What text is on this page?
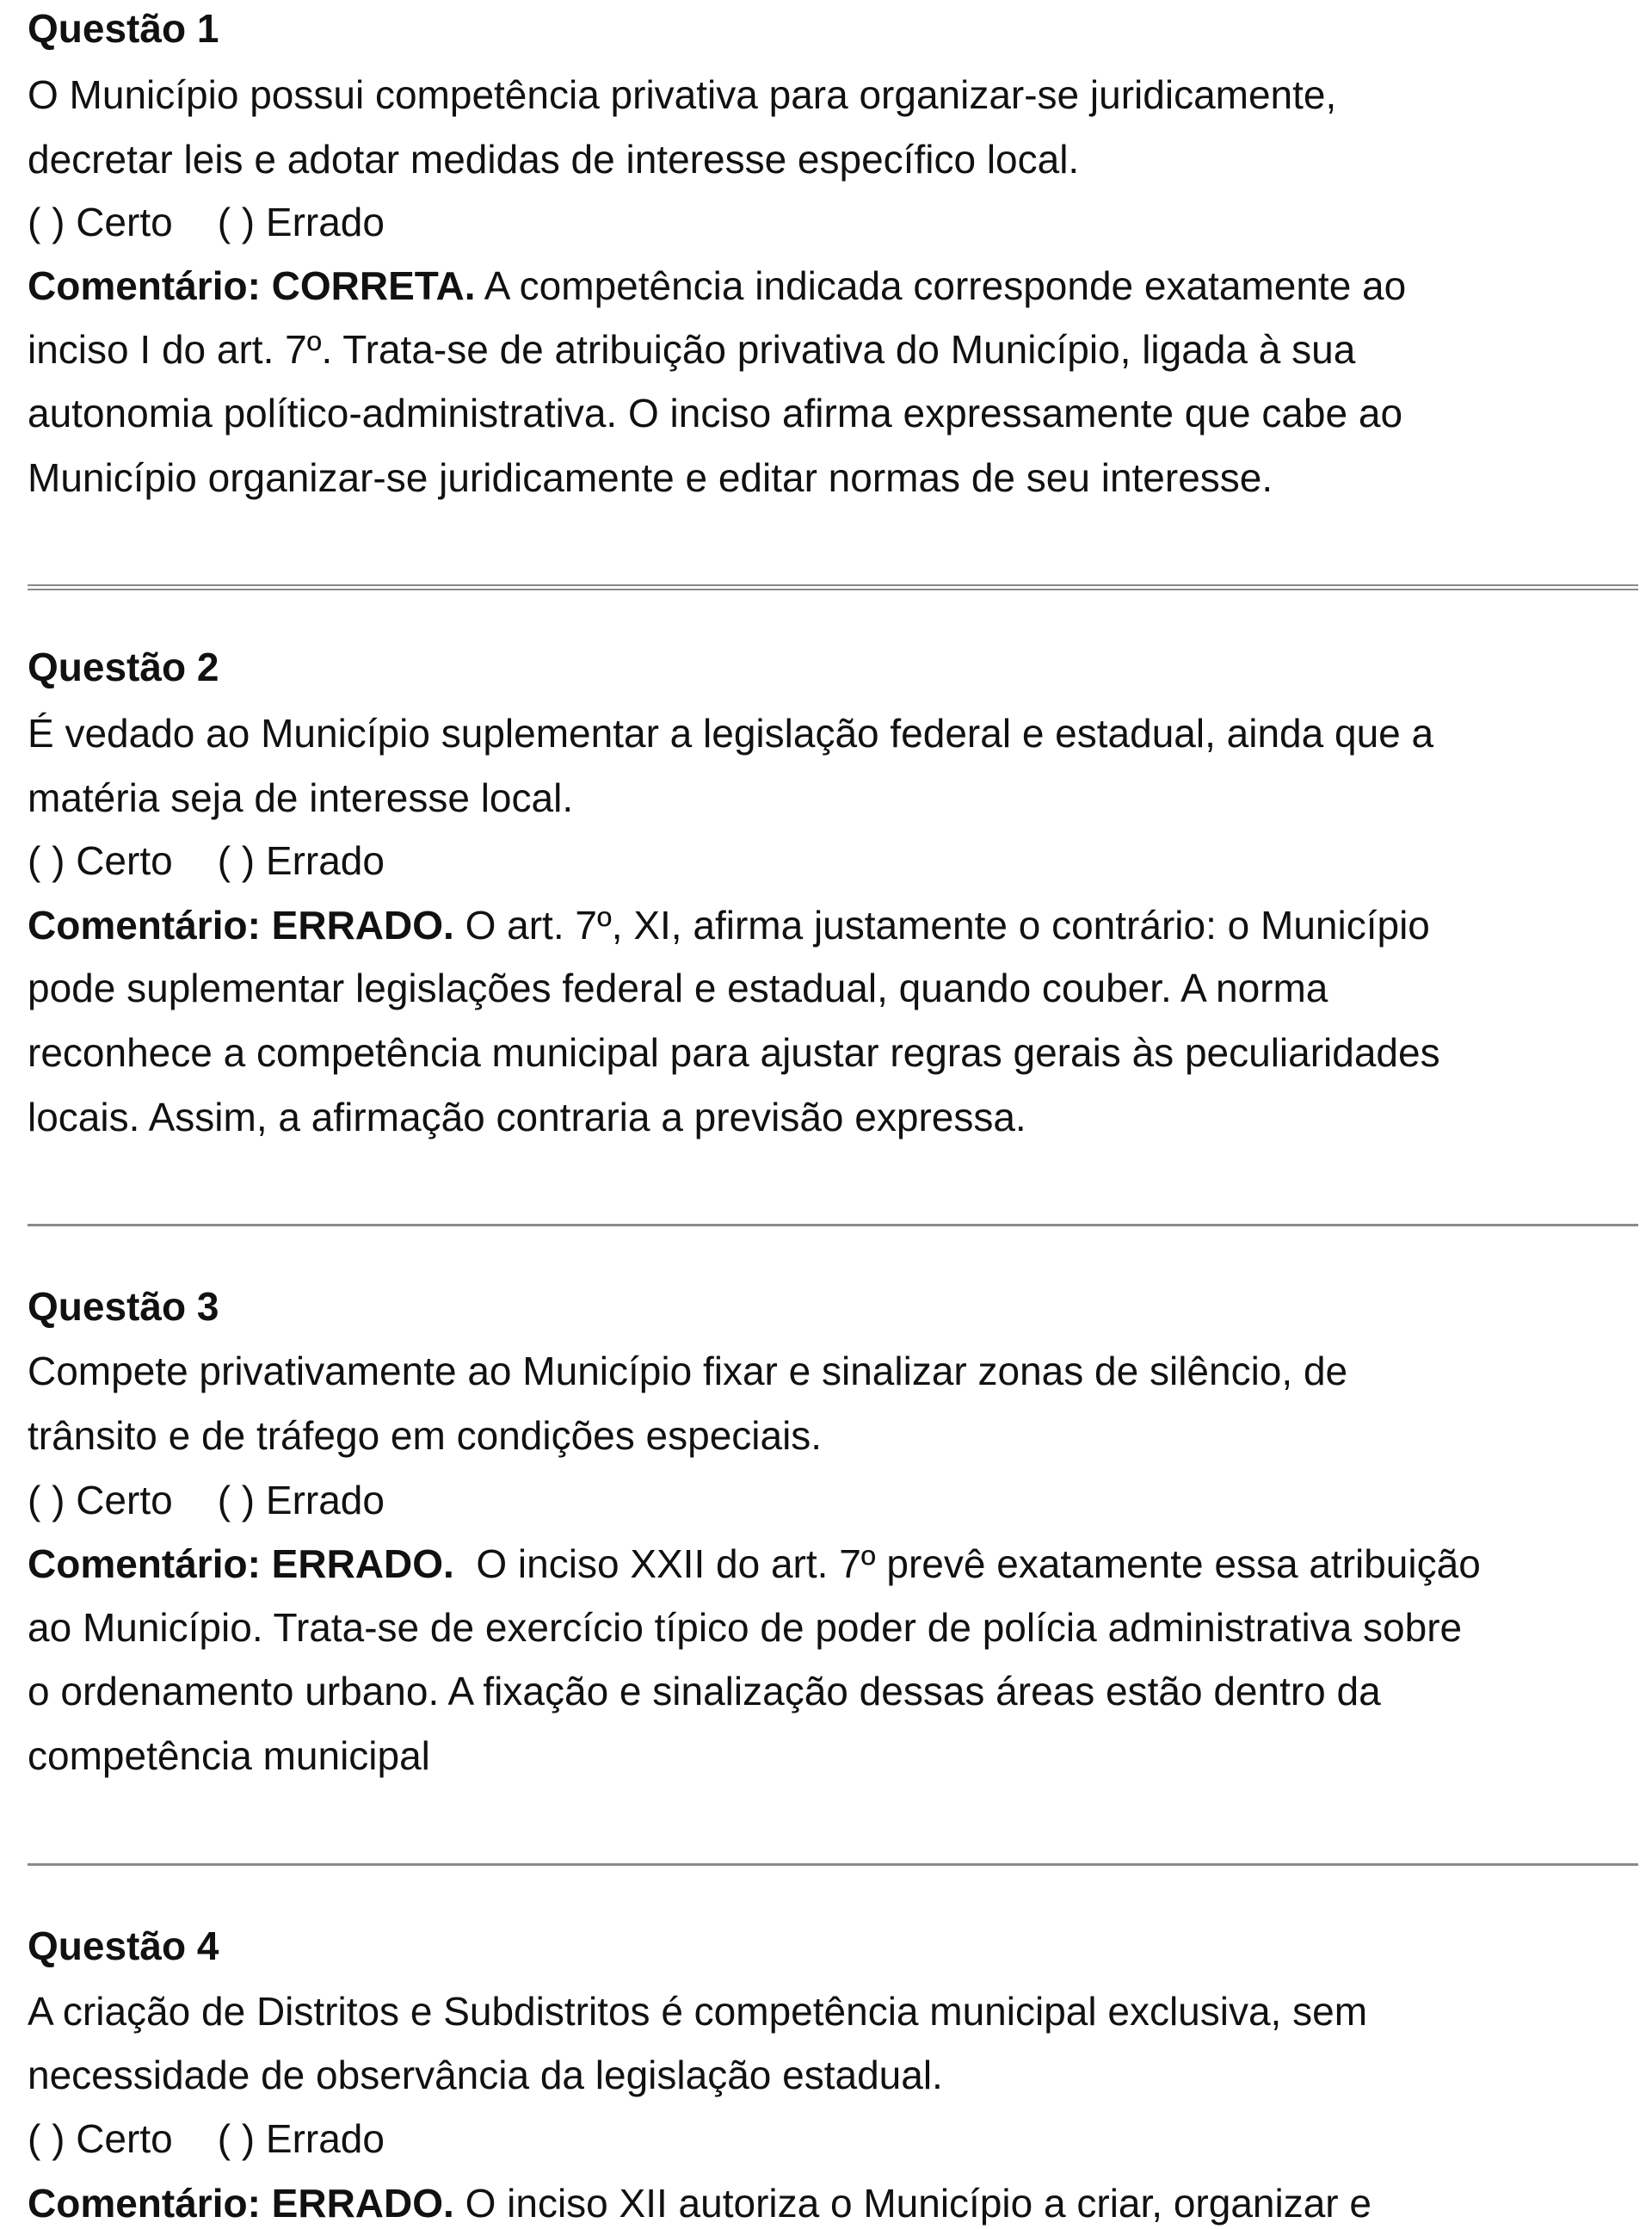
Questão 1
O Município possui competência privativa para organizar-se juridicamente,
decretar leis e adotar medidas de interesse específico local.
( ) Certo ( ) Errado
Comentário: CORRETA. A competência indicada corresponde exatamente ao
inciso I do art. 7º. Trata-se de atribuição privativa do Município, ligada à sua
autonomia político-administrativa. O inciso afirma expressamente que cabe ao
Município organizar-se juridicamente e editar normas de seu interesse.
Questão 2
É vedado ao Município suplementar a legislação federal e estadual, ainda que a
matéria seja de interesse local.
( ) Certo ( ) Errado
Comentário: ERRADO. O art. 7º, XI, afirma justamente o contrário: o Município
pode suplementar legislações federal e estadual, quando couber. A norma
reconhece a competência municipal para ajustar regras gerais às peculiaridades
locais. Assim, a afirmação contraria a previsão expressa.
Questão 3
Compete privativamente ao Município fixar e sinalizar zonas de silêncio, de
trânsito e de tráfego em condições especiais.
( ) Certo ( ) Errado
Comentário: ERRADO.  O inciso XXII do art. 7º prevê exatamente essa atribuição
ao Município. Trata-se de exercício típico de poder de polícia administrativa sobre
o ordenamento urbano. A fixação e sinalização dessas áreas estão dentro da
competência municipal
Questão 4
A criação de Distritos e Subdistritos é competência municipal exclusiva, sem
necessidade de observância da legislação estadual.
( ) Certo ( ) Errado
Comentário: ERRADO. O inciso XII autoriza o Município a criar, organizar e
